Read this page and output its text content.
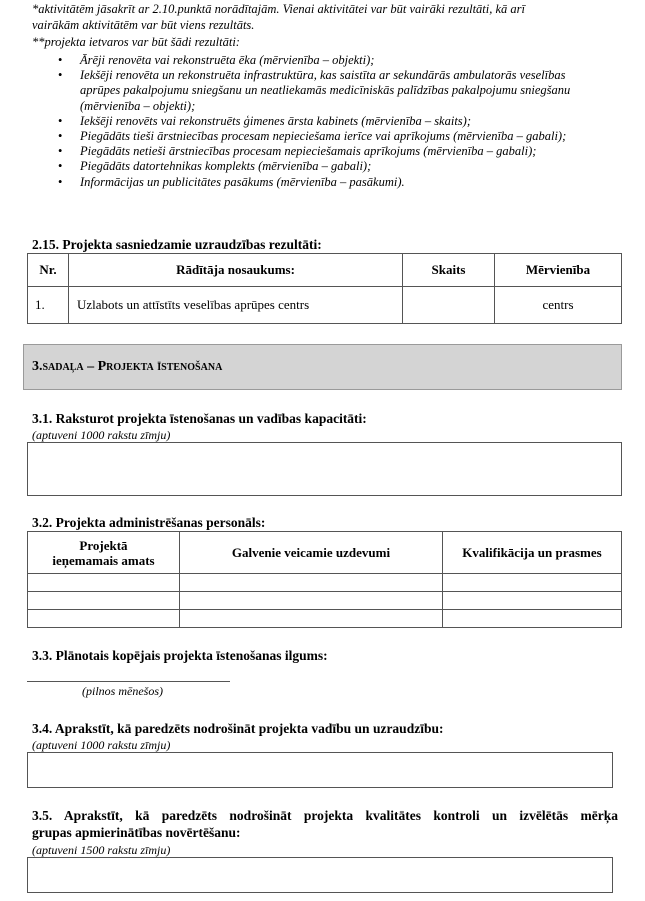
*aktivitātēm jāsakrīt ar 2.10.punktā norādītajām. Vienai aktivitātei var būt vairāki rezultāti, kā arī
vairākām aktivitātēm var būt viens rezultāts.
**projekta ietvaros var būt šādi rezultāti:
• Ārēji renovēta vai rekonstruēta ēka (mērvienība – objekti);
• Iekšēji renovēta un rekonstruēta infrastruktūra, kas saistīta ar sekundārās ambulatorās veselības aprūpes pakalpojumu sniegšanu un neatliekamās medicīniskās palīdzības pakalpojumu sniegšanu (mērvienība – objekti);
• Iekšēji renovēts vai rekonstruēts ģimenes ārsta kabinets (mērvienība – skaits);
• Piegādāts tieši ārstniecības procesam nepieciešama ierīce vai aprīkojums (mērvienība – gabali);
• Piegādāts netieši ārstniecības procesam nepieciešamais aprīkojums (mērvienība – gabali);
• Piegādāts datortehnikas komplekts (mērvienība – gabali);
• Informācijas un publicitātes pasākums (mērvienība – pasākumi).
2.15. Projekta sasniedzamie uzraudzības rezultāti:
Nr.	Rādītāja nosaukums:	Skaits	Mērvienība
1.	Uzlabots un attīstīts veselības aprūpes centrs		centrs
3.sadaļa – Projekta īstenošana
3.1. Raksturot projekta īstenošanas un vadības kapacitāti:
(aptuveni 1000 rakstu zīmju)
3.2. Projekta administrēšanas personāls:
Projektā
ieņemamais amats	Galvenie veicamie uzdevumi	Kvalifikācija un prasmes

3.3. Plānotais kopējais projekta īstenošanas ilgums:
(pilnos mēnešos)
3.4. Aprakstīt, kā paredzēts nodrošināt projekta vadību un uzraudzību:
(aptuveni 1000 rakstu zīmju)
3.5. Aprakstīt, kā paredzēts nodrošināt projekta kvalitātes kontroli un izvēlētās mērķa
grupas apmierinātības novērtēšanu:
(aptuveni 1500 rakstu zīmju)
